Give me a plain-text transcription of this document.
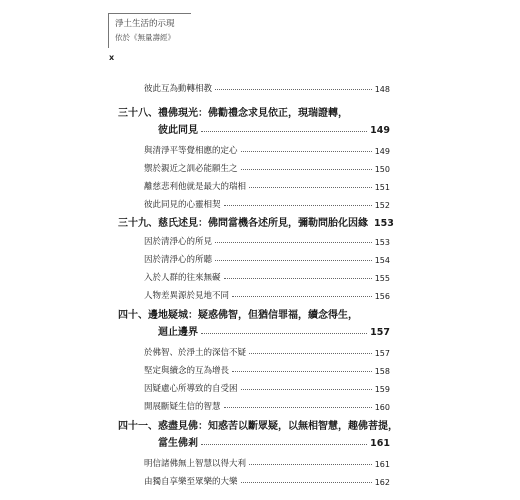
淨土生活的示現
依於《無量壽經》
x
彼此互為動轉相教	148
三十八、禮佛現光：佛勸禮念求見依正，現瑞證轉，
彼此同見	149
與清淨平等覺相應的定心	149
禦於親近之訓必能願生之	150
離慈悲利他就是最大的瑞相	151
彼此同見的心靈相契	152
三十九、慈氏述見：佛問當機各述所見，彌勒問胎化因緣 153
因於清淨心的所見	153
因於清淨心的所聽	154
入於人群的往來無礙	155
人物差異源於見地不同	156
四十、邊地疑城：疑惑佛智，但猶信罪福，續念得生，
迴止邊界	157
於佛智、於淨土的深信不疑	157
堅定與續念的互為增長	158
因疑慮心所導致的自受困	159
開展斷疑生信的智慧	160
四十一、惑盡見佛：知惑苦以斷眾疑，以無相智慧，趣佛菩提，
當生佛剎	161
明信諸佛無上智慧以得大利	161
由獨自享樂至眾樂的大樂	162
